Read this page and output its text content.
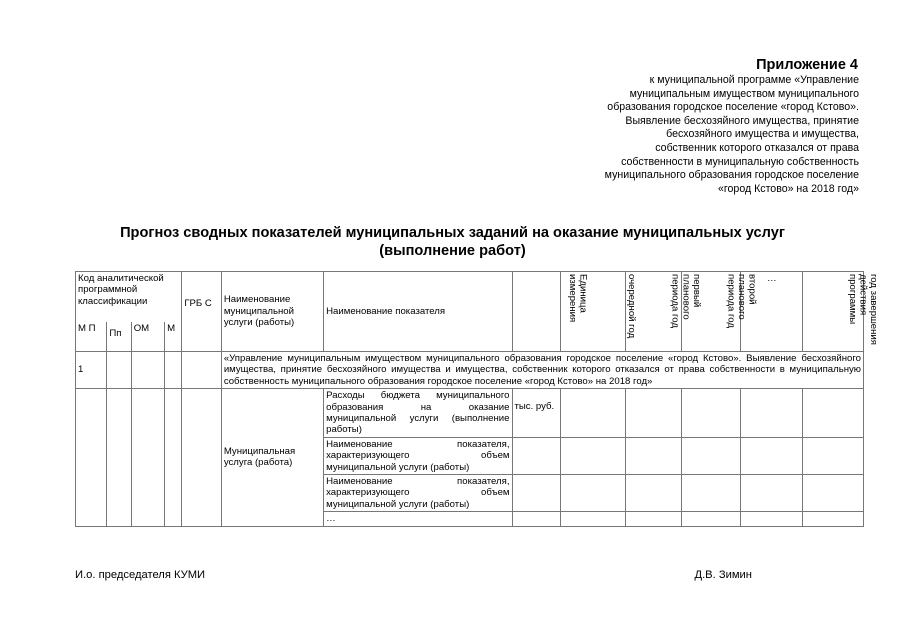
Приложение 4
к муниципальной программе «Управление
муниципальным имуществом муниципального
образования городское поселение «город Кстово».
Выявление бесхозяйного имущества, принятие
бесхозяйного имущества и имущества,
собственник которого отказался от права
собственности в муниципальную собственность
муниципального образования городское поселение
«город Кстово» на 2018 год»
Прогноз сводных показателей муниципальных заданий на оказание муниципальных услуг
(выполнение работ)
Код аналитической программной классификации				ГРБ С	Наименование муниципальной услуги (работы)	Наименование показателя	Единица измерения	очередной год	первый планового периода год	второй планового периода год	…	год завершения действия программы

М П	Пп	ОМ	М									
1					«Управление муниципальным имуществом муниципального образования городское поселение «город Кстово». Выявление бесхозяйного имущества, принятие бесхозяйного имущества и имущества, собственник которого отказался от права собственности в муниципальную собственность муниципального образования городское поселение «город Кстово» на 2018 год»							
					Муниципальная услуга (работа)	Расходы бюджета муниципального образования на оказание муниципальной услуги (выполнение работы)	тыс. руб.					
						Наименование показателя, характеризующего объем муниципальной услуги (работы)						
						Наименование показателя, характеризующего объем муниципальной услуги (работы)						
						…						
И.о. председателя КУМИ	Д.В. Зимин
